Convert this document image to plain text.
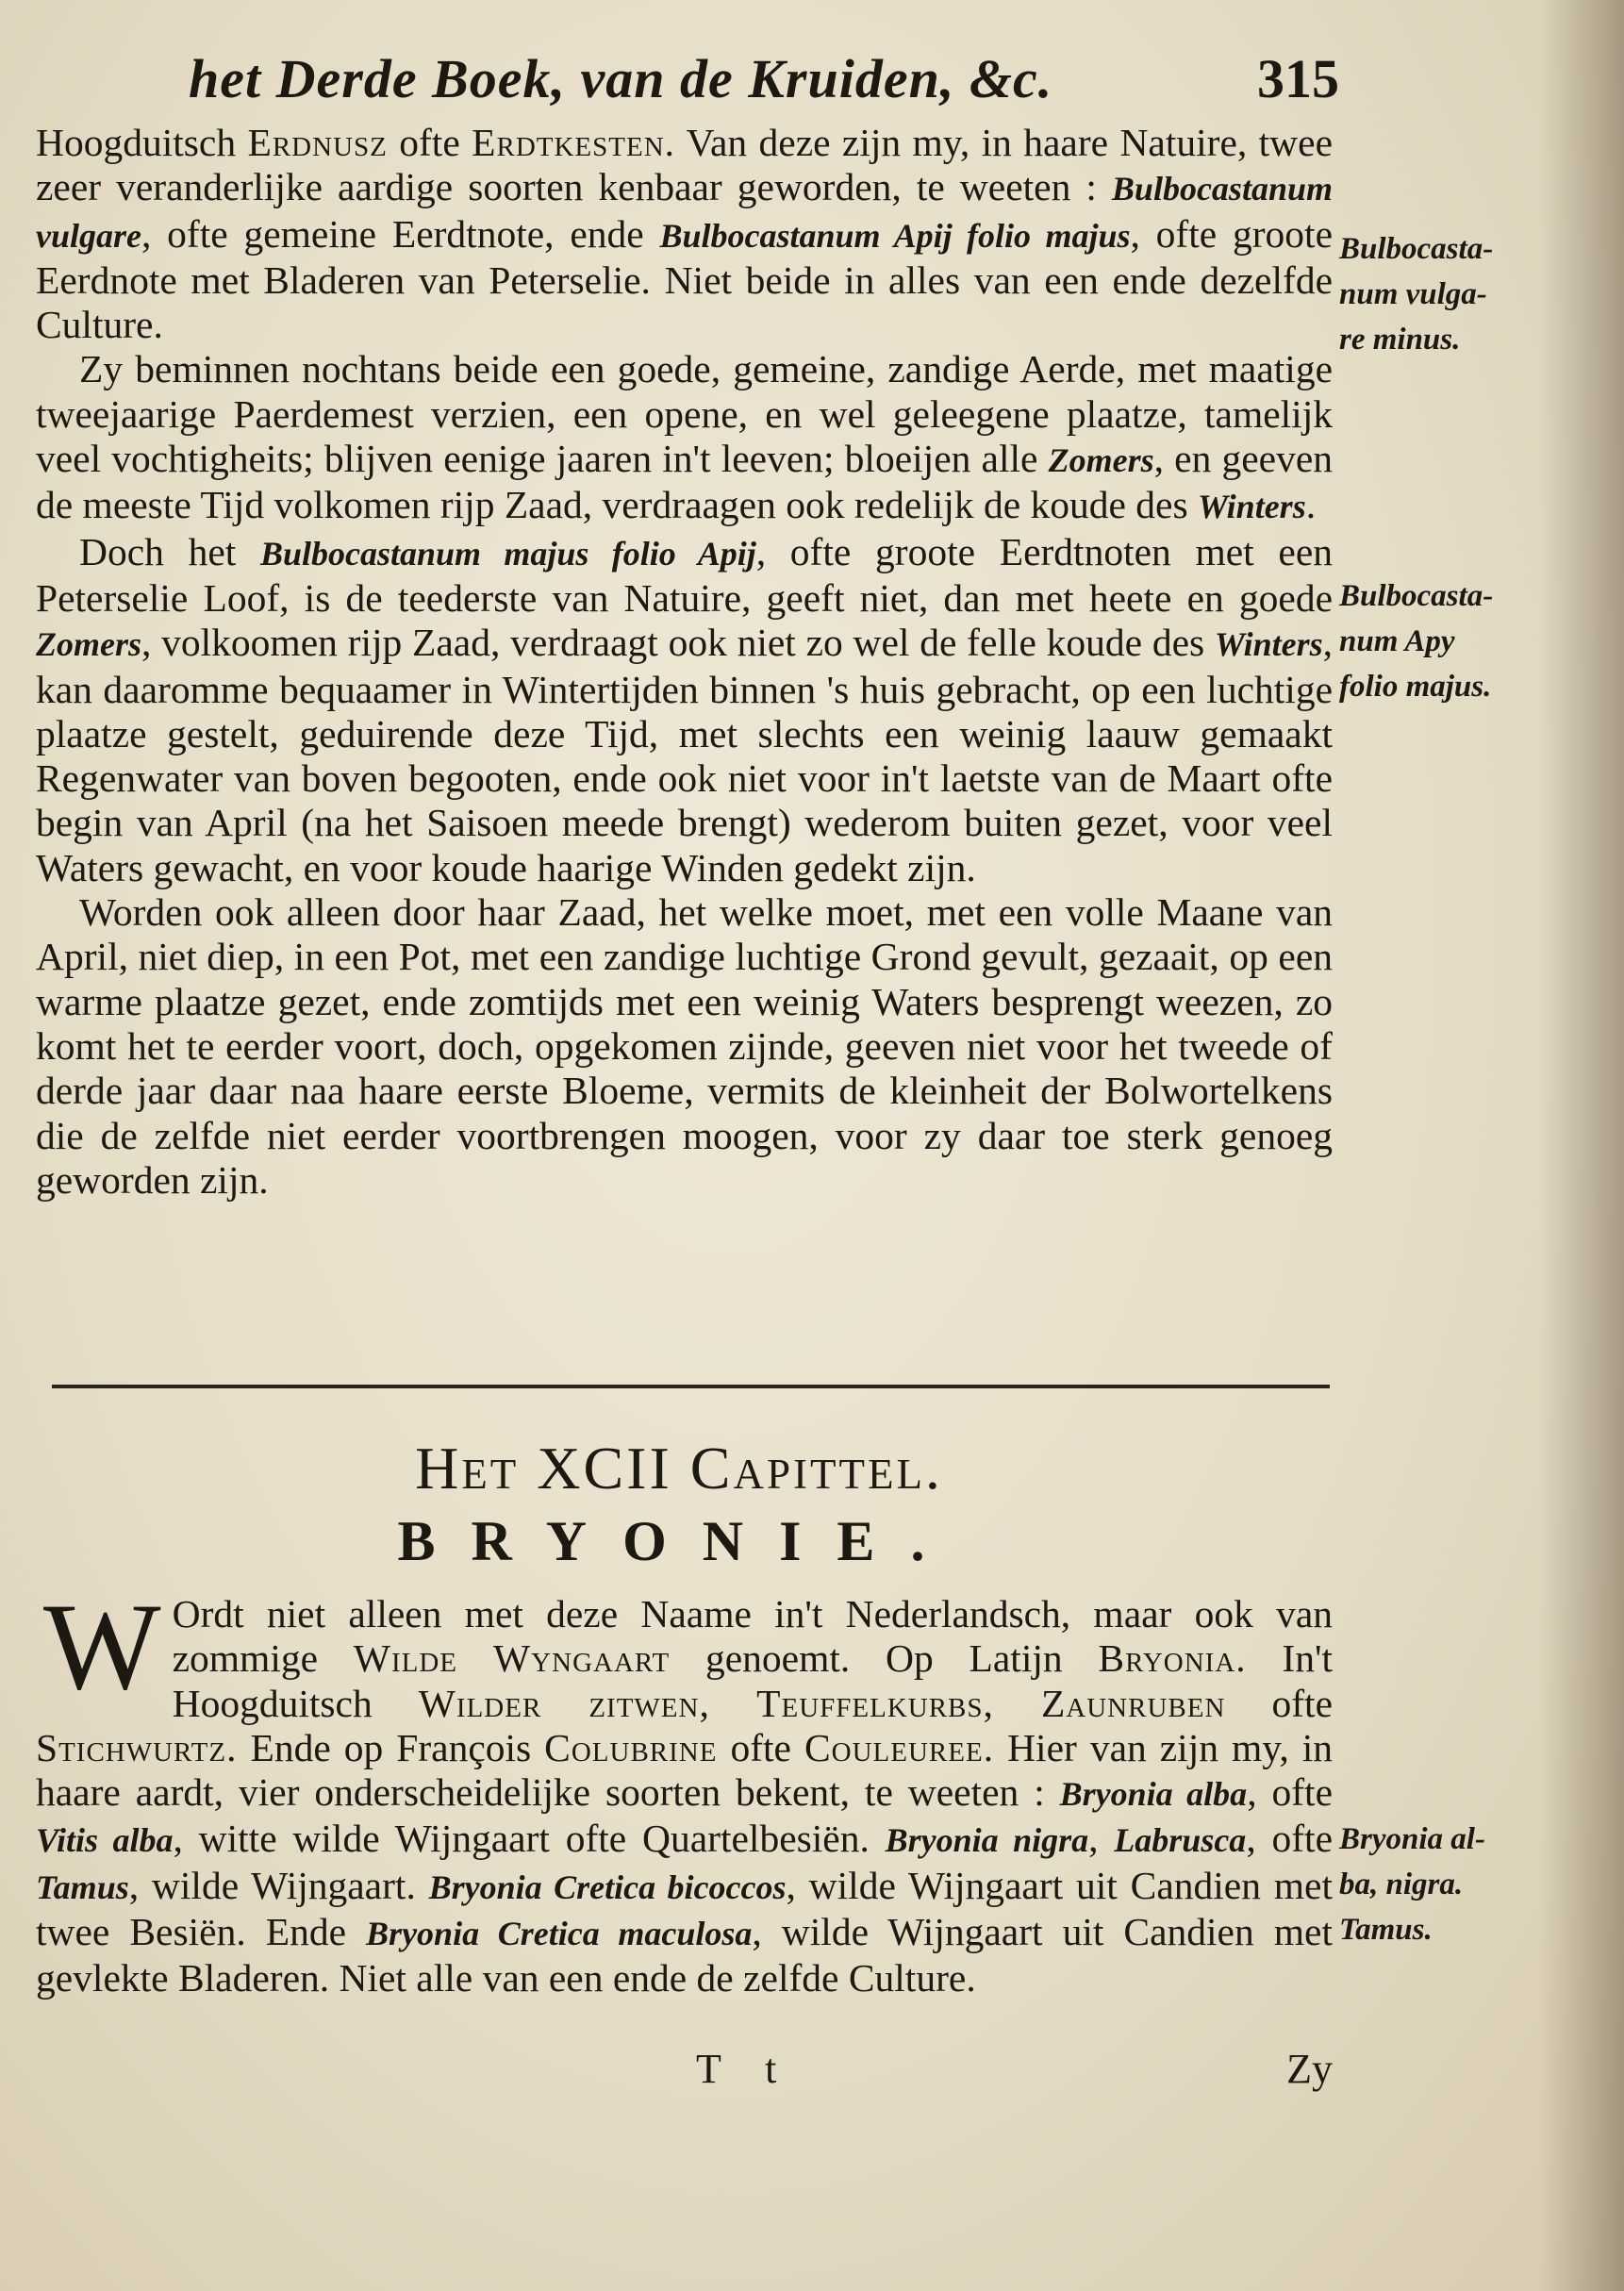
het Derde Boek, van de Kruiden, &c.	315

Hoogduitsch Erdnusz ofte Erdtkesten. Van deze zijn my, in haare Natuire, twee zeer veranderlijke aardige soorten kenbaar geworden, te weeten : Bulbocastanum vulgare, ofte gemeine Eerdtnote, ende Bulbocastanum Apij folio majus, ofte groote Eerdnote met Bladeren van Peterselie. Niet beide in alles van een ende dezelfde Culture.

Zy beminnen nochtans beide een goede, gemeine, zandige Aerde, met maatige tweejaarige Paerdemest verzien, een opene, en wel geleegene plaatze, tamelijk veel vochtigheits; blijven eenige jaaren in't leeven; bloeijen alle Zomers, en geeven de meeste Tijd volkomen rijp Zaad, verdraagen ook redelijk de koude des Winters.

Doch het Bulbocastanum majus folio Apij, ofte groote Eerdtnoten met een Peterselie Loof, is de teederste van Natuire, geeft niet, dan met heete en goede Zomers, volkoomen rijp Zaad, verdraagt ook niet zo wel de felle koude des Winters, kan daaromme bequaamer in Wintertijden binnen 's huis gebracht, op een luchtige plaatze gestelt, geduirende deze Tijd, met slechts een weinig laauw gemaakt Regenwater van boven begooten, ende ook niet voor in't laetste van de Maart ofte begin van April (na het Saisoen meede brengt) wederom buiten gezet, voor veel Waters gewacht, en voor koude haarige Winden gedekt zijn.

Worden ook alleen door haar Zaad, het welke moet, met een volle Maane van April, niet diep, in een Pot, met een zandige luchtige Grond gevult, gezaait, op een warme plaatze gezet, ende zomtijds met een weinig Waters besprengt weezen, zo komt het te eerder voort, doch, opgekomen zijnde, geeven niet voor het tweede of derde jaar daar naa haare eerste Bloeme, vermits de kleinheit der Bolwortelkens die de zelfde niet eerder voortbrengen moogen, voor zy daar toe sterk genoeg geworden zijn.

Bulbocasta-
num vulga-
re minus.
Bulbocasta-
num Apy
folio majus.
Bryonia al-
ba, nigra.
Tamus.
Het XCII Capittel.
BRYONIE.
W Ordt niet alleen met deze Naame in't Nederlandsch, maar ook van zommige Wilde Wyngaart genoemt. Op Latijn Bryonia. In't Hoogduitsch Wilder zitwen, Teuffelkurbs, Zaunruben ofte Stichwurtz. Ende op François Colubrine ofte Couleuree. Hier van zijn my, in haare aardt, vier onderscheidelijke soorten bekent, te weeten : Bryonia alba, ofte Vitis alba, witte wilde Wijngaart ofte Quartelbesiën. Bryonia nigra, Labrusca, ofte Tamus, wilde Wijngaart. Bryonia Cretica bicoccos, wilde Wijngaart uit Candien met twee Besiën. Ende Bryonia Cretica maculosa, wilde Wijngaart uit Candien met gevlekte Bladeren. Niet alle van een ende de zelfde Culture.
T t	Zy
